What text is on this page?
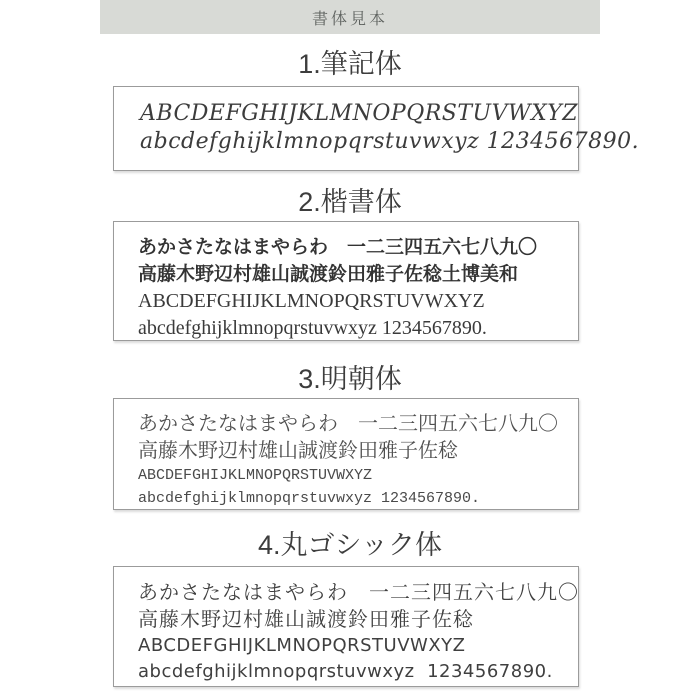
書体見本
1.筆記体
ABCDEFGHIJKLMNOPQRSTUVWXYZ
abcdefghijklmnopqrstuvwxyz 1234567890.
2.楷書体
あかさたなはまやらわ　一二三四五六七八九〇
高藤木野辺村雄山誠渡鈴田雅子佐稔土博美和
ABCDEFGHIJKLMNOPQRSTUVWXYZ
abcdefghijklmnopqrstuvwxyz 1234567890.
3.明朝体
あかさたなはまやらわ　一二三四五六七八九〇
高藤木野辺村雄山誠渡鈴田雅子佐稔
ABCDEFGHIJKLMNOPQRSTUVWXYZ
abcdefghijklmnopqrstuvwxyz 1234567890.
4.丸ゴシック体
あかさたなはまやらわ　一二三四五六七八九〇
高藤木野辺村雄山誠渡鈴田雅子佐稔
ABCDEFGHIJKLMNOPQRSTUVWXYZ
abcdefghijklmnopqrstuvwxyz  1234567890.
